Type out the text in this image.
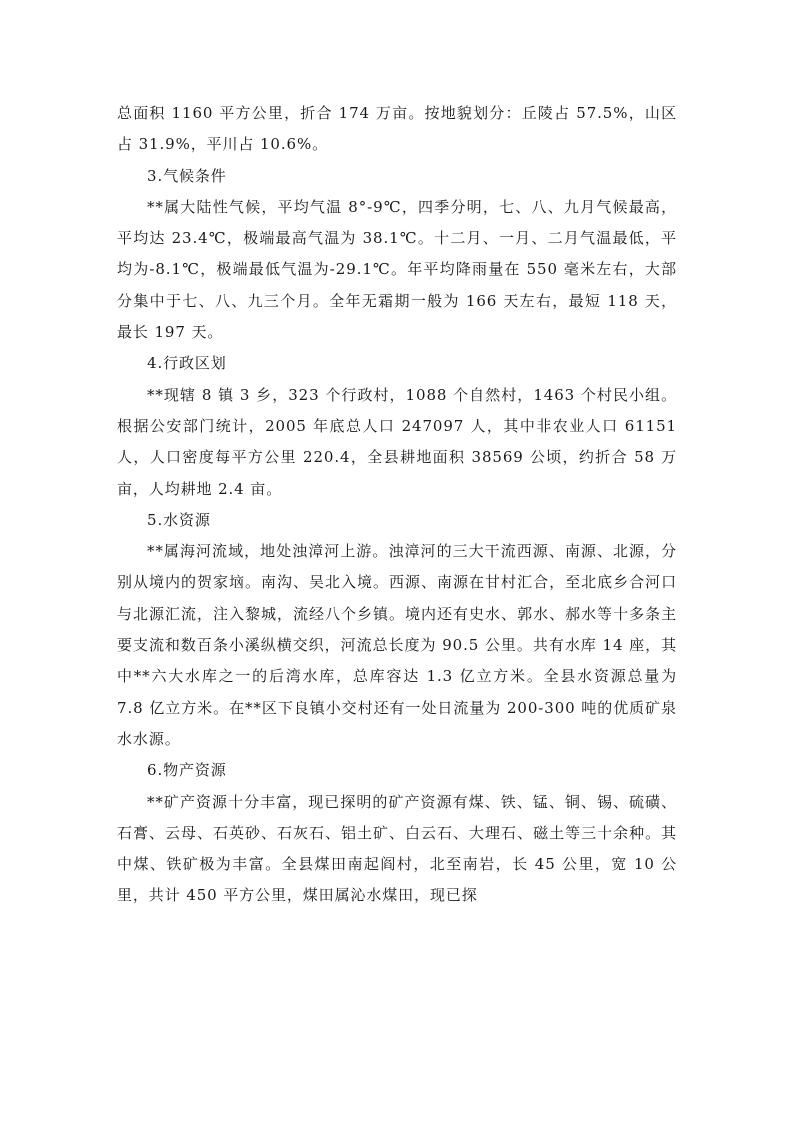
总面积 1160 平方公里，折合 174 万亩。按地貌划分：丘陵占 57.5%，山区占 31.9%，平川占 10.6%。

3.气候条件

**属大陆性气候，平均气温 8°-9℃，四季分明，七、八、九月气候最高，平均达 23.4℃，极端最高气温为 38.1℃。十二月、一月、二月气温最低，平均为-8.1℃，极端最低气温为-29.1℃。年平均降雨量在 550 毫米左右，大部分集中于七、八、九三个月。全年无霜期一般为 166 天左右，最短 118 天，最长 197 天。

4.行政区划

**现辖 8 镇 3 乡，323 个行政村，1088 个自然村，1463 个村民小组。根据公安部门统计，2005 年底总人口 247097 人，其中非农业人口 61151 人，人口密度每平方公里 220.4，全县耕地面积 38569 公顷，约折合 58 万亩，人均耕地 2.4 亩。

5.水资源

**属海河流域，地处浊漳河上游。浊漳河的三大干流西源、南源、北源，分别从境内的贺家垴。南沟、吴北入境。西源、南源在甘村汇合，至北底乡合河口与北源汇流，注入黎城，流经八个乡镇。境内还有史水、郭水、郝水等十多条主要支流和数百条小溪纵横交织，河流总长度为 90.5 公里。共有水库 14 座，其中**六大水库之一的后湾水库，总库容达 1.3 亿立方米。全县水资源总量为 7.8 亿立方米。在**区下良镇小交村还有一处日流量为 200-300 吨的优质矿泉水水源。

6.物产资源

**矿产资源十分丰富，现已探明的矿产资源有煤、铁、锰、铜、锡、硫磺、石膏、云母、石英砂、石灰石、铝土矿、白云石、大理石、磁土等三十余种。其中煤、铁矿极为丰富。全县煤田南起阎村，北至南岩，长 45 公里，宽 10 公里，共计 450 平方公里，煤田属沁水煤田，现已探
